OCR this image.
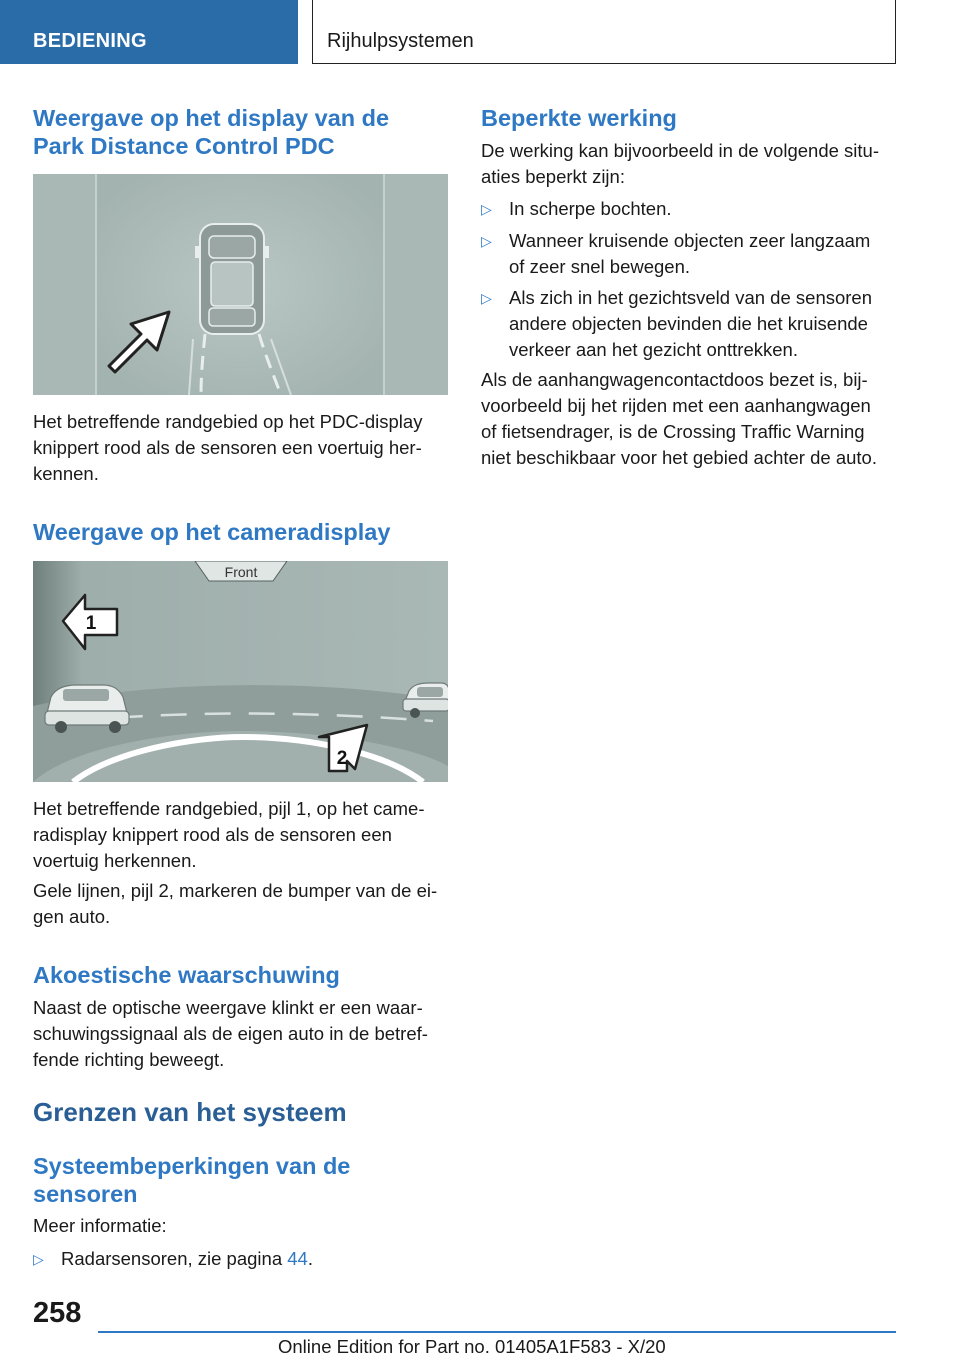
BEDIENING	Rijhulpsystemen
Weergave op het display van de
Park Distance Control PDC
Het betreffende randgebied op het PDC-display
knippert rood als de sensoren een voertuig her-
kennen.
Weergave op het cameradisplay
Front
1
2
Het betreffende randgebied, pijl 1, op het came-
radisplay knippert rood als de sensoren een
voertuig herkennen.
Gele lijnen, pijl 2, markeren de bumper van de ei-
gen auto.
Akoestische waarschuwing
Naast de optische weergave klinkt er een waar-
schuwingssignaal als de eigen auto in de betref-
fende richting beweegt.
Grenzen van het systeem
Systeembeperkingen van de
sensoren
Meer informatie:
▷ Radarsensoren, zie pagina 44.
Beperkte werking
De werking kan bijvoorbeeld in de volgende situ-
aties beperkt zijn:
▷ In scherpe bochten.
▷ Wanneer kruisende objecten zeer langzaam
of zeer snel bewegen.
▷ Als zich in het gezichtsveld van de sensoren
andere objecten bevinden die het kruisende
verkeer aan het gezicht onttrekken.
Als de aanhangwagencontactdoos bezet is, bij-
voorbeeld bij het rijden met een aanhangwagen
of fietsendrager, is de Crossing Traffic Warning
niet beschikbaar voor het gebied achter de auto.
258
Online Edition for Part no. 01405A1F583 - X/20
